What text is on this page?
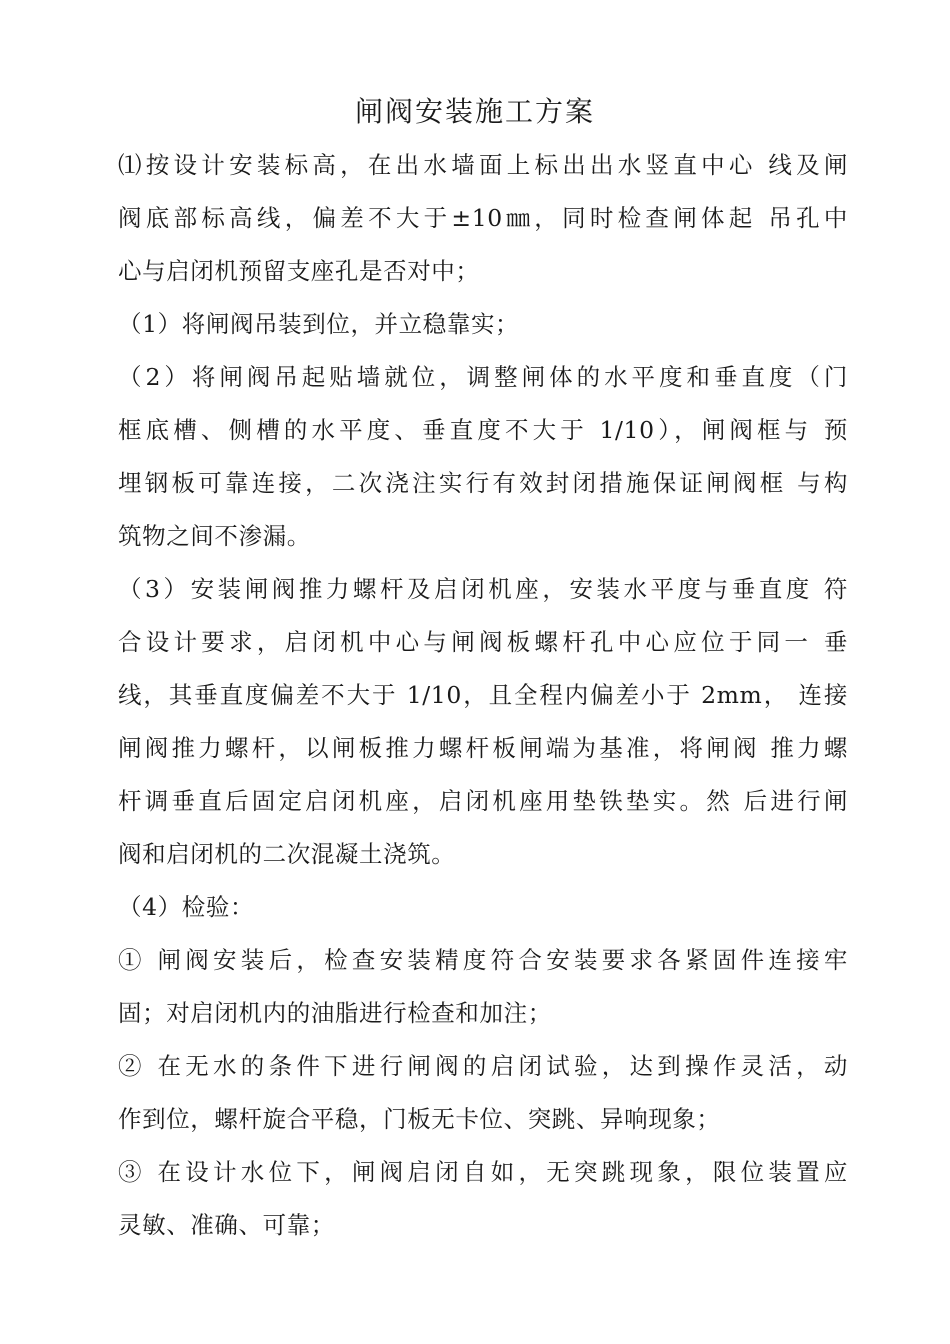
闸阀安装施工方案
⑴按设计安装标高，在出水墙面上标出出水竖直中心 线及闸
阀底部标高线，偏差不大于±10㎜，同时检查闸体起 吊孔中
心与启闭机预留支座孔是否对中；
（1）将闸阀吊装到位，并立稳靠实；
（2）将闸阀吊起贴墙就位，调整闸体的水平度和垂直度（门
框底槽、侧槽的水平度、垂直度不大于 1/10），闸阀框与 预
埋钢板可靠连接，二次浇注实行有效封闭措施保证闸阀框 与构
筑物之间不渗漏。
（3）安装闸阀推力螺杆及启闭机座，安装水平度与垂直度 符
合设计要求，启闭机中心与闸阀板螺杆孔中心应位于同一 垂
线，其垂直度偏差不大于 1/10，且全程内偏差小于 2mm， 连接
闸阀推力螺杆，以闸板推力螺杆板闸端为基准，将闸阀 推力螺
杆调垂直后固定启闭机座，启闭机座用垫铁垫实。然 后进行闸
阀和启闭机的二次混凝土浇筑。
（4）检验：
① 闸阀安装后，检查安装精度符合安装要求各紧固件连接牢
固；对启闭机内的油脂进行检查和加注；
② 在无水的条件下进行闸阀的启闭试验，达到操作灵活，动
作到位，螺杆旋合平稳，门板无卡位、突跳、异响现象；
③ 在设计水位下，闸阀启闭自如，无突跳现象，限位装置应
灵敏、准确、可靠；
